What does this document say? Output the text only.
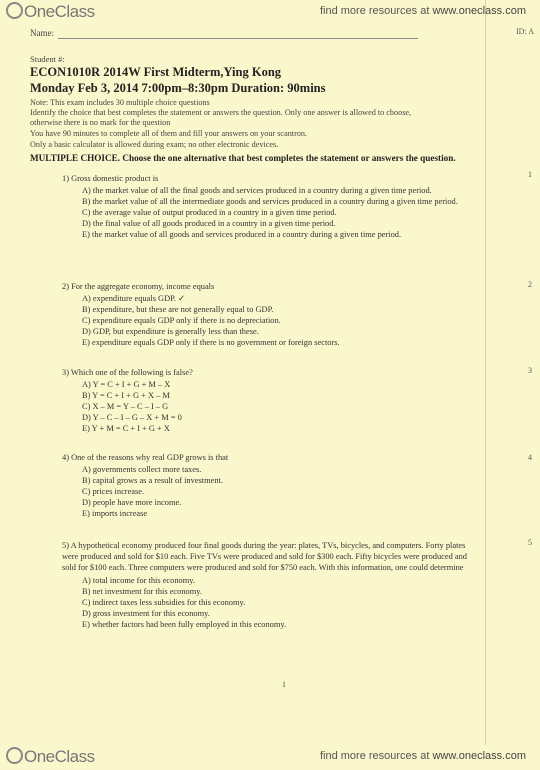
OneClass	find more resources at www.oneclass.com
Name:	ID: A
Student #:
ECON1010R 2014W First Midterm,Ying Kong
Monday Feb 3, 2014 7:00pm–8:30pm Duration: 90mins
Note: This exam includes 30 multiple choice questions
Identify the choice that best completes the statement or answers the question. Only one answer is allowed to choose,
otherwise there is no mark for the question
You have 90 minutes to complete all of them and fill your answers on your scantron.
Only a basic calculator is allowed during exam; no other electronic devices.
MULTIPLE CHOICE. Choose the one alternative that best completes the statement or answers the question.
1) Gross domestic product is
A) the market value of all the final goods and services produced in a country during a given time period.
B) the market value of all the intermediate goods and services produced in a country during a given time period.
C) the average value of output produced in a country in a given time period.
D) the final value of all goods produced in a country in a given time period.
E) the market value of all goods and services produced in a country during a given time period.
1
2) For the aggregate economy, income equals
A) expenditure equals GDP. ✓
B) expenditure, but these are not generally equal to GDP.
C) expenditure equals GDP only if there is no depreciation.
D) GDP, but expenditure is generally less than these.
E) expenditure equals GDP only if there is no government or foreign sectors.
2
3) Which one of the following is false?
A) Y = C + I + G + M – X
B) Y = C + I + G + X – M
C) X – M = Y – C – I – G
D) Y – C – I – G – X + M = 0
E) Y + M = C + I + G + X
3
4) One of the reasons why real GDP grows is that
A) governments collect more taxes.
B) capital grows as a result of investment.
C) prices increase.
D) people have more income.
E) imports increase
4
5) A hypothetical economy produced four final goods during the year: plates, TVs, bicycles, and computers. Forty plates were produced and sold for $10 each. Five TVs were produced and sold for $300 each. Fifty bicycles were produced and sold for $100 each. Three computers were produced and sold for $750 each. With this information, one could determine
A) total income for this economy.
B) net investment for this economy.
C) indirect taxes less subsidies for this economy.
D) gross investment for this economy.
E) whether factors had been fully employed in this economy.
5
1
OneClass	find more resources at www.oneclass.com
